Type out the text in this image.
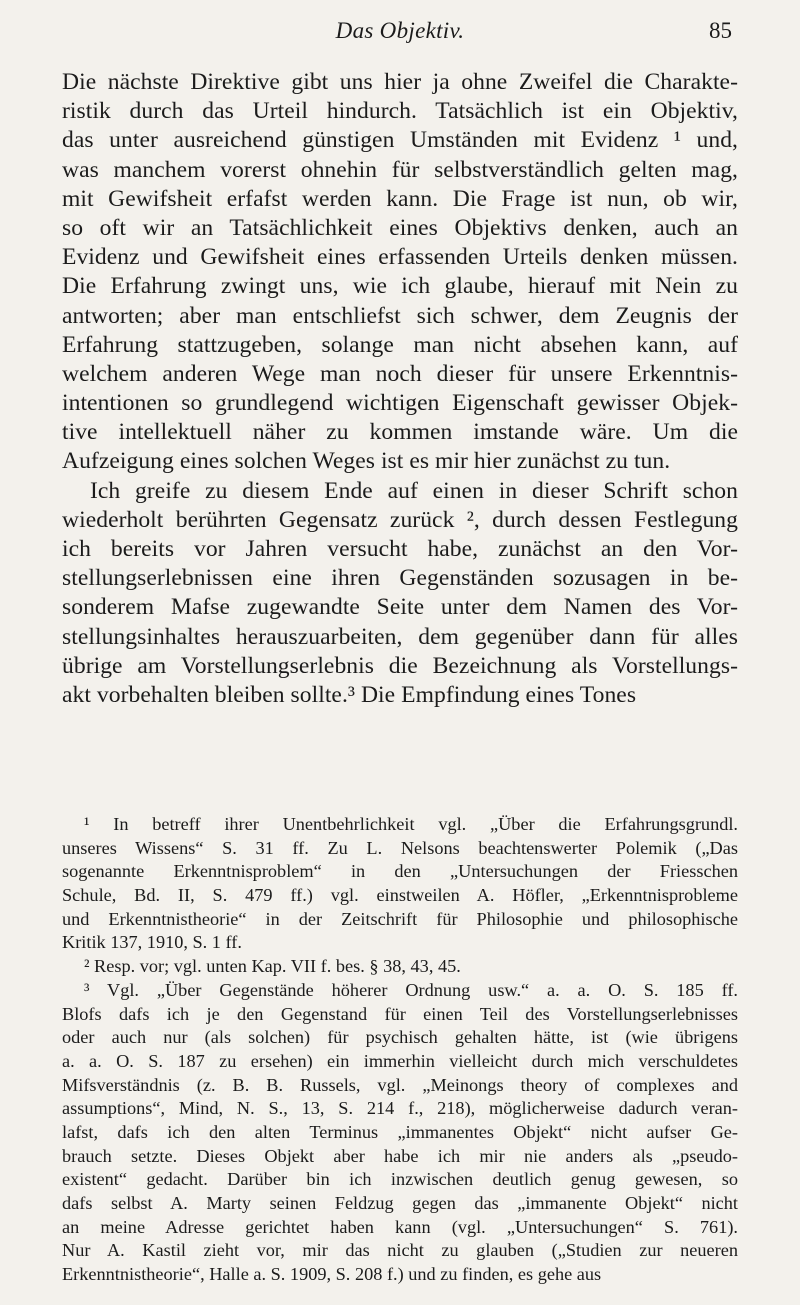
Das Objektiv.	85
Die nächste Direktive gibt uns hier ja ohne Zweifel die Charakte-
ristik durch das Urteil hindurch. Tatsächlich ist ein Objektiv,
das unter ausreichend günstigen Umständen mit Evidenz ¹ und,
was manchem vorerst ohnehin für selbstverständlich gelten mag,
mit Gewifsheit erfafst werden kann. Die Frage ist nun, ob wir,
so oft wir an Tatsächlichkeit eines Objektivs denken, auch an
Evidenz und Gewifsheit eines erfassenden Urteils denken müssen.
Die Erfahrung zwingt uns, wie ich glaube, hierauf mit Nein zu
antworten; aber man entschliefst sich schwer, dem Zeugnis der
Erfahrung stattzugeben, solange man nicht absehen kann, auf
welchem anderen Wege man noch dieser für unsere Erkenntnis-
intentionen so grundlegend wichtigen Eigenschaft gewisser Objek-
tive intellektuell näher zu kommen imstande wäre. Um die
Aufzeigung eines solchen Weges ist es mir hier zunächst zu tun.
Ich greife zu diesem Ende auf einen in dieser Schrift schon
wiederholt berührten Gegensatz zurück ², durch dessen Festlegung
ich bereits vor Jahren versucht habe, zunächst an den Vor-
stellungserlebnissen eine ihren Gegenständen sozusagen in be-
sonderem Mafse zugewandte Seite unter dem Namen des Vor-
stellungsinhaltes herauszuarbeiten, dem gegenüber dann für alles
übrige am Vorstellungserlebnis die Bezeichnung als Vorstellungs-
akt vorbehalten bleiben sollte.³ Die Empfindung eines Tones
¹ In betreff ihrer Unentbehrlichkeit vgl. „Über die Erfahrungsgrundl.
unseres Wissens“ S. 31 ff. Zu L. Nelsons beachtenswerter Polemik („Das
sogenannte Erkenntnisproblem“ in den „Untersuchungen der Friesschen
Schule, Bd. II, S. 479 ff.) vgl. einstweilen A. Höfler, „Erkenntnisprobleme
und Erkenntnistheorie“ in der Zeitschrift für Philosophie und philosophische
Kritik 137, 1910, S. 1 ff.
² Resp. vor; vgl. unten Kap. VII f. bes. § 38, 43, 45.
³ Vgl. „Über Gegenstände höherer Ordnung usw.“ a. a. O. S. 185 ff.
Blofs dafs ich je den Gegenstand für einen Teil des Vorstellungserlebnisses
oder auch nur (als solchen) für psychisch gehalten hätte, ist (wie übrigens
a. a. O. S. 187 zu ersehen) ein immerhin vielleicht durch mich verschuldetes
Mifsverständnis (z. B. B. Russels, vgl. „Meinongs theory of complexes and
assumptions“, Mind, N. S., 13, S. 214 f., 218), möglicherweise dadurch veran-
lafst, dafs ich den alten Terminus „immanentes Objekt“ nicht aufser Ge-
brauch setzte. Dieses Objekt aber habe ich mir nie anders als „pseudo-
existent“ gedacht. Darüber bin ich inzwischen deutlich genug gewesen, so
dafs selbst A. Marty seinen Feldzug gegen das „immanente Objekt“ nicht
an meine Adresse gerichtet haben kann (vgl. „Untersuchungen“ S. 761).
Nur A. Kastil zieht vor, mir das nicht zu glauben („Studien zur neueren
Erkenntnistheorie“, Halle a. S. 1909, S. 208 f.) und zu finden, es gehe aus
